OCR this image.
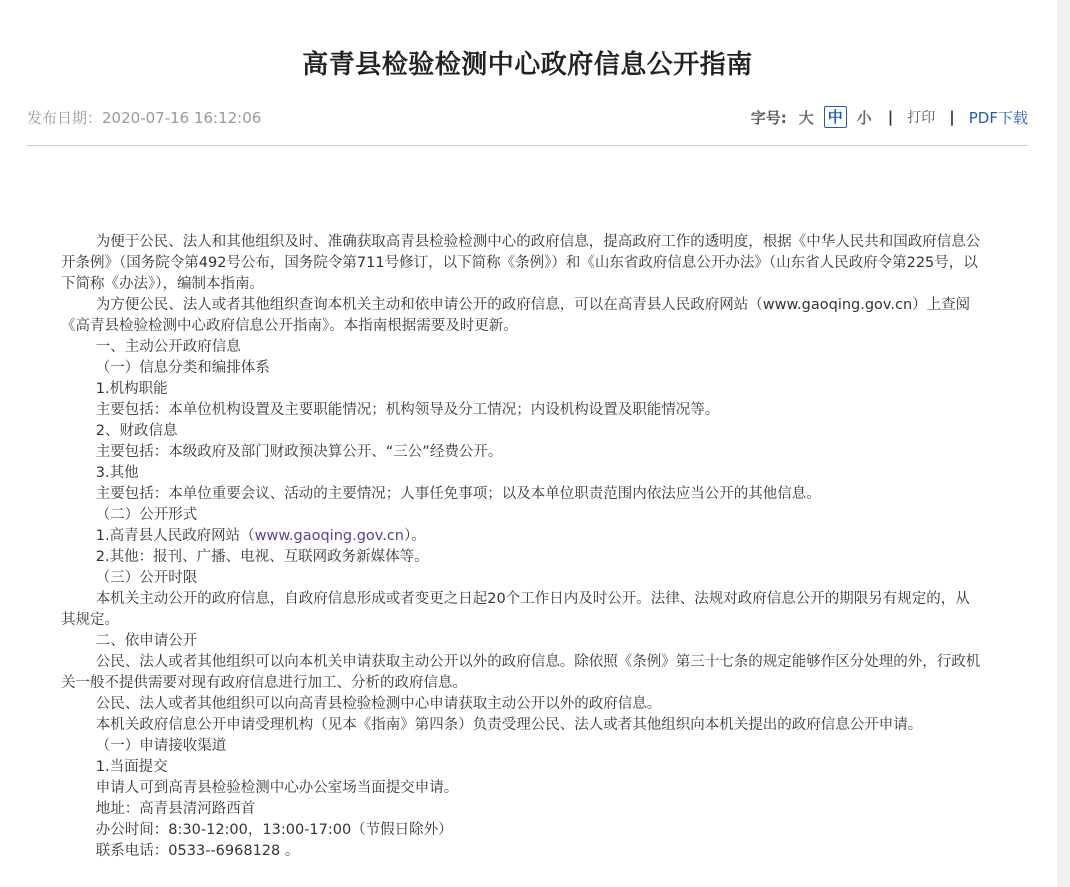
高青县检验检测中心政府信息公开指南
发布日期：2020-07-16 16:12:06	字号: 大 中 小 | 打印 | PDF下载

为便于公民、法人和其他组织及时、准确获取高青县检验检测中心的政府信息，提高政府工作的透明度，根据《中华人民共和国政府信息公开条例》（国务院令第492号公布，国务院令第711号修订，以下简称《条例》）和《山东省政府信息公开办法》（山东省人民政府令第225号，以下简称《办法》），编制本指南。

为方便公民、法人或者其他组织查询本机关主动和依申请公开的政府信息，可以在高青县人民政府网站（www.gaoqing.gov.cn）上查阅《高青县检验检测中心政府信息公开指南》。本指南根据需要及时更新。

一、主动公开政府信息

（一）信息分类和编排体系

1.机构职能

主要包括：本单位机构设置及主要职能情况；机构领导及分工情况；内设机构设置及职能情况等。

2、财政信息

主要包括：本级政府及部门财政预决算公开、“三公”经费公开。

3.其他

主要包括：本单位重要会议、活动的主要情况；人事任免事项；以及本单位职责范围内依法应当公开的其他信息。

（二）公开形式

1.高青县人民政府网站（www.gaoqing.gov.cn）。

2.其他：报刊、广播、电视、互联网政务新媒体等。

（三）公开时限

本机关主动公开的政府信息，自政府信息形成或者变更之日起20个工作日内及时公开。法律、法规对政府信息公开的期限另有规定的，从其规定。

二、依申请公开

公民、法人或者其他组织可以向本机关申请获取主动公开以外的政府信息。除依照《条例》第三十七条的规定能够作区分处理的外，行政机关一般不提供需要对现有政府信息进行加工、分析的政府信息。

公民、法人或者其他组织可以向高青县检验检测中心申请获取主动公开以外的政府信息。

本机关政府信息公开申请受理机构（见本《指南》第四条）负责受理公民、法人或者其他组织向本机关提出的政府信息公开申请。

（一）申请接收渠道

1.当面提交

申请人可到高青县检验检测中心办公室场当面提交申请。

地址：高青县清河路西首

办公时间：8:30-12:00，13:00-17:00（节假日除外）

联系电话：0533--6968128 。
